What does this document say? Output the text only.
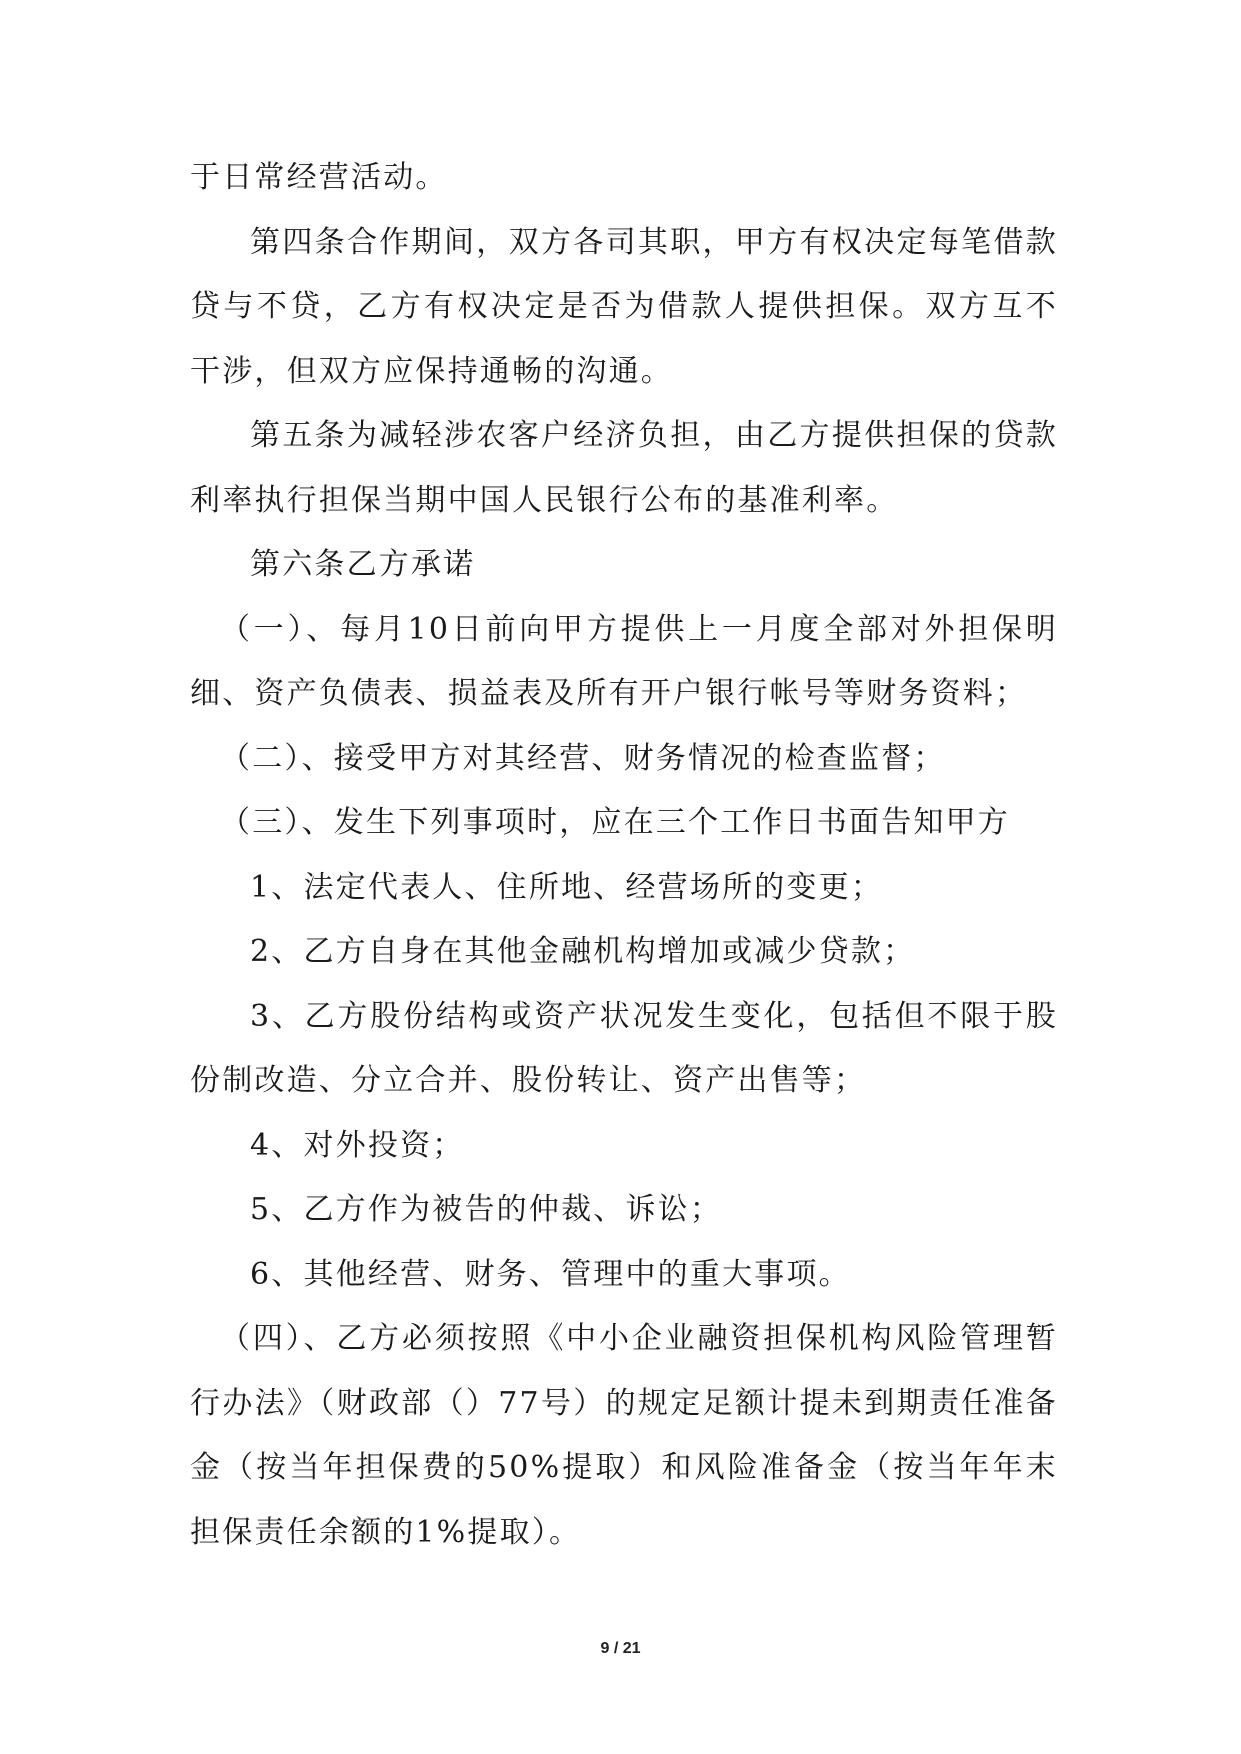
于日常经营活动。

第四条合作期间，双方各司其职，甲方有权决定每笔借款贷与不贷，乙方有权决定是否为借款人提供担保。双方互不干涉，但双方应保持通畅的沟通。

第五条为减轻涉农客户经济负担，由乙方提供担保的贷款利率执行担保当期中国人民银行公布的基准利率。

第六条乙方承诺

（一）、每月10日前向甲方提供上一月度全部对外担保明细、资产负债表、损益表及所有开户银行帐号等财务资料；

（二）、接受甲方对其经营、财务情况的检查监督；

（三）、发生下列事项时，应在三个工作日书面告知甲方

1、法定代表人、住所地、经营场所的变更；

2、乙方自身在其他金融机构增加或减少贷款；

3、乙方股份结构或资产状况发生变化，包括但不限于股份制改造、分立合并、股份转让、资产出售等；

4、对外投资；

5、乙方作为被告的仲裁、诉讼；

6、其他经营、财务、管理中的重大事项。

（四）、乙方必须按照《中小企业融资担保机构风险管理暂行办法》（财政部（）77号）的规定足额计提未到期责任准备金（按当年担保费的50%提取）和风险准备金（按当年年末担保责任余额的1%提取）。

9 / 21
